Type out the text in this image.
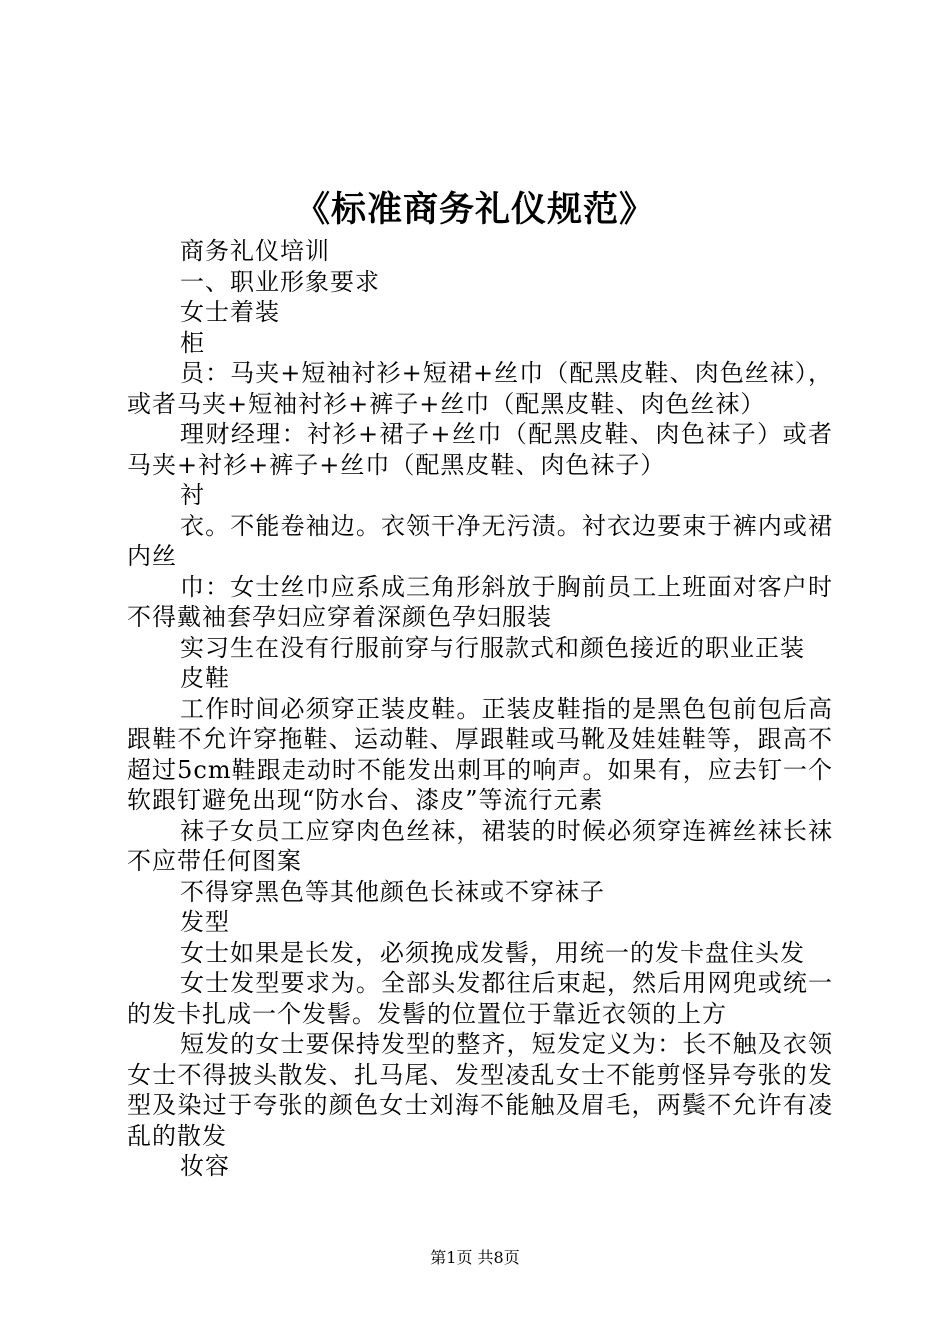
《标准商务礼仪规范》

商务礼仪培训

一、职业形象要求

女士着装

柜

员：马夹+短袖衬衫+短裙+丝巾（配黑皮鞋、肉色丝袜），或者马夹+短袖衬衫+裤子+丝巾（配黑皮鞋、肉色丝袜）

理财经理：衬衫+裙子+丝巾（配黑皮鞋、肉色袜子）或者马夹+衬衫+裤子+丝巾（配黑皮鞋、肉色袜子）

衬

衣。不能卷袖边。衣领干净无污渍。衬衣边要束于裤内或裙内丝

巾：女士丝巾应系成三角形斜放于胸前员工上班面对客户时不得戴袖套孕妇应穿着深颜色孕妇服装

实习生在没有行服前穿与行服款式和颜色接近的职业正装

皮鞋

工作时间必须穿正装皮鞋。正装皮鞋指的是黑色包前包后高跟鞋不允许穿拖鞋、运动鞋、厚跟鞋或马靴及娃娃鞋等，跟高不超过5cm鞋跟走动时不能发出刺耳的响声。如果有，应去钉一个软跟钉避免出现“防水台、漆皮”等流行元素

袜子女员工应穿肉色丝袜，裙装的时候必须穿连裤丝袜长袜不应带任何图案

不得穿黑色等其他颜色长袜或不穿袜子

发型

女士如果是长发，必须挽成发髻，用统一的发卡盘住头发

女士发型要求为。全部头发都往后束起，然后用网兜或统一的发卡扎成一个发髻。发髻的位置位于靠近衣领的上方

短发的女士要保持发型的整齐，短发定义为：长不触及衣领女士不得披头散发、扎马尾、发型凌乱女士不能剪怪异夸张的发型及染过于夸张的颜色女士刘海不能触及眉毛，两鬓不允许有凌乱的散发

妆容

第1页 共8页
